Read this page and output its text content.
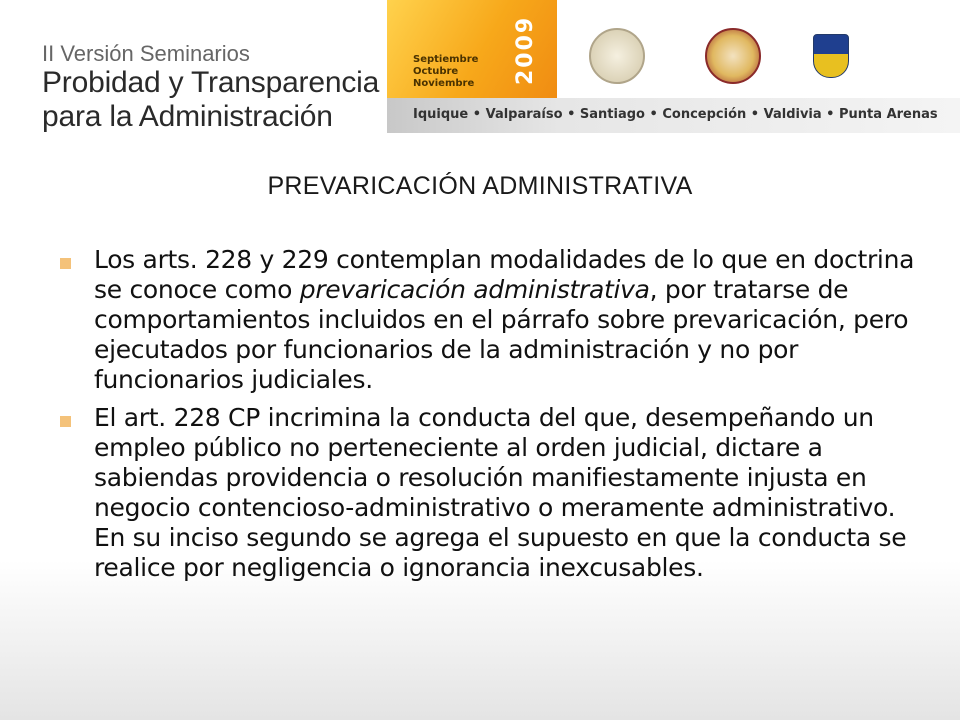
II Versión Seminarios
Probidad y Transparencia
para la Administración
Septiembre
Octubre
Noviembre 2009
Iquique • Valparaíso • Santiago • Concepción • Valdivia • Punta Arenas
PREVARICACIÓN ADMINISTRATIVA
Los arts. 228 y 229 contemplan modalidades de lo que en doctrina se conoce como prevaricación administrativa, por tratarse de comportamientos incluidos en el párrafo sobre prevaricación, pero ejecutados por funcionarios de la administración y no por funcionarios judiciales.
El art. 228 CP incrimina la conducta del que, desempeñando un empleo público no perteneciente al orden judicial, dictare a sabiendas providencia o resolución manifiestamente injusta en negocio contencioso-administrativo o meramente administrativo. En su inciso segundo se agrega el supuesto en que la conducta se realice por negligencia o ignorancia inexcusables.
